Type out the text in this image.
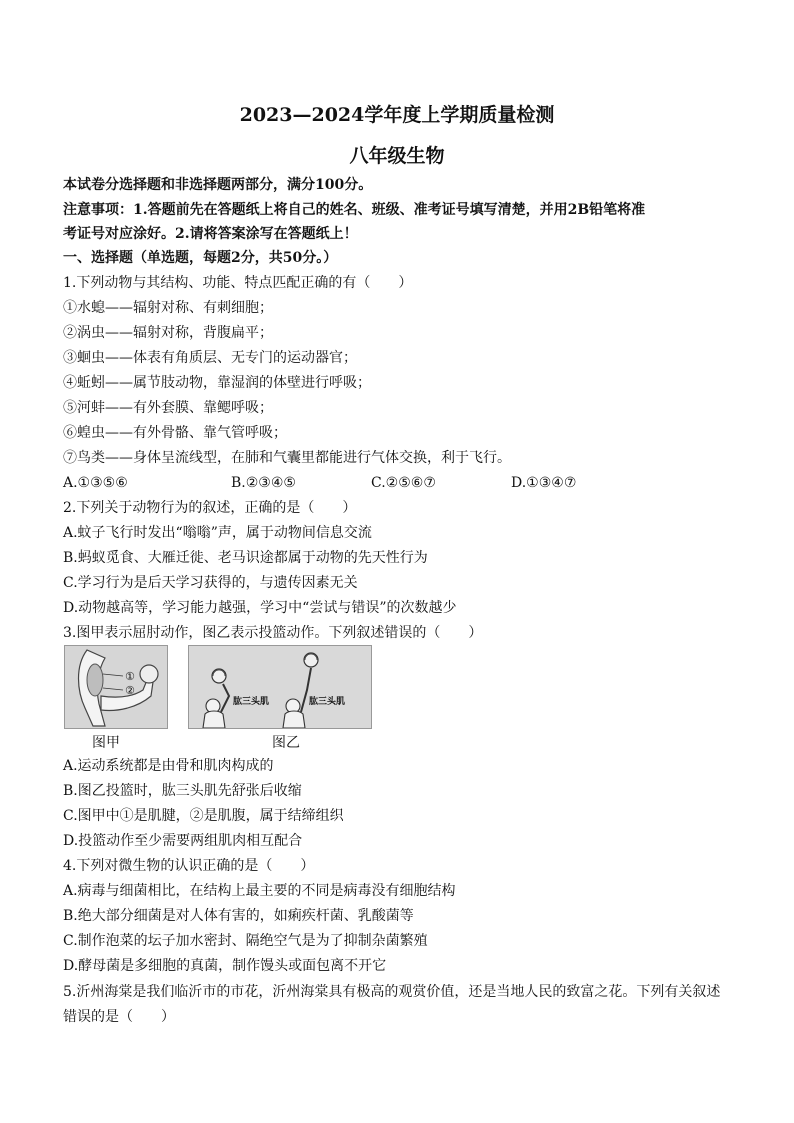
2023—2024学年度上学期质量检测
八年级生物
本试卷分选择题和非选择题两部分，满分100分。
注意事项：1.答题前先在答题纸上将自己的姓名、班级、准考证号填写清楚，并用2B铅笔将准
考证号对应涂好。2.请将答案涂写在答题纸上！
一、选择题（单选题，每题2分，共50分。）
1.下列动物与其结构、功能、特点匹配正确的有（　　）
①水螅——辐射对称、有刺细胞；
②涡虫——辐射对称，背腹扁平；
③蛔虫——体表有角质层、无专门的运动器官；
④蚯蚓——属节肢动物，靠湿润的体壁进行呼吸；
⑤河蚌——有外套膜、靠鳃呼吸；
⑥蝗虫——有外骨骼、靠气管呼吸；
⑦鸟类——身体呈流线型，在肺和气囊里都能进行气体交换，利于飞行。
A.①③⑤⑥	B.②③④⑤	C.②⑤⑥⑦	D.①③④⑦
2.下列关于动物行为的叙述，正确的是（　　）
A.蚊子飞行时发出“嗡嗡”声，属于动物间信息交流
B.蚂蚁觅食、大雁迁徙、老马识途都属于动物的先天性行为
C.学习行为是后天学习获得的，与遗传因素无关
D.动物越高等，学习能力越强，学习中“尝试与错误”的次数越少
3.图甲表示屈肘动作，图乙表示投篮动作。下列叙述错误的（　　）
①
②
图甲
肱三头肌	肱三头肌
图乙
A.运动系统都是由骨和肌肉构成的
B.图乙投篮时，肱三头肌先舒张后收缩
C.图甲中①是肌腱，②是肌腹，属于结缔组织
D.投篮动作至少需要两组肌肉相互配合
4.下列对微生物的认识正确的是（　　）
A.病毒与细菌相比，在结构上最主要的不同是病毒没有细胞结构
B.绝大部分细菌是对人体有害的，如痢疾杆菌、乳酸菌等
C.制作泡菜的坛子加水密封、隔绝空气是为了抑制杂菌繁殖
D.酵母菌是多细胞的真菌，制作馒头或面包离不开它
5.沂州海棠是我们临沂市的市花，沂州海棠具有极高的观赏价值，还是当地人民的致富之花。下列有关叙述
错误的是（　　）
